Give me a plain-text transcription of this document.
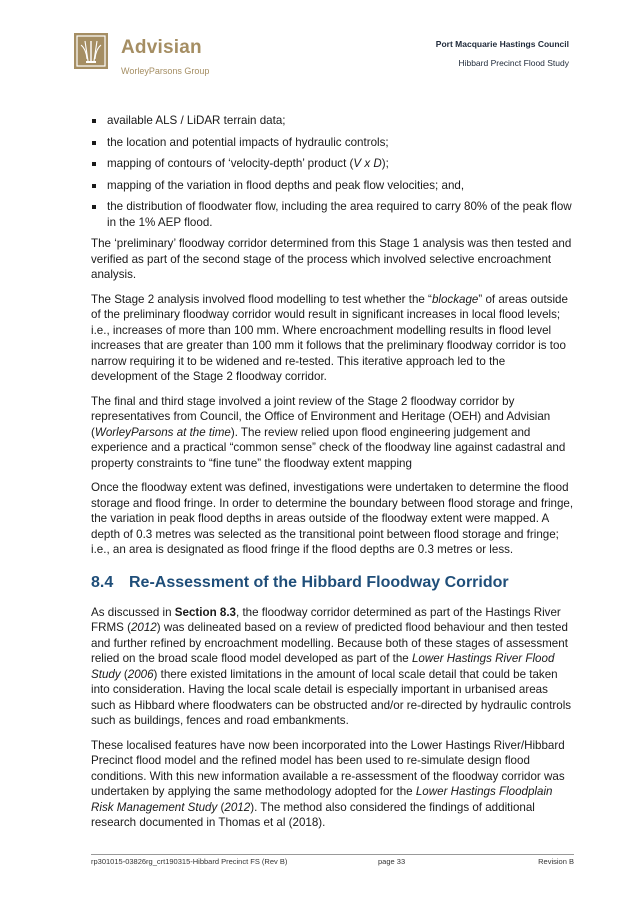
Advisian
WorleyParsons Group
Port Macquarie Hastings Council
Hibbard Precinct Flood Study
available ALS / LiDAR terrain data;
the location and potential impacts of hydraulic controls;
mapping of contours of ‘velocity-depth’ product (V x D);
mapping of the variation in flood depths and peak flow velocities; and,
the distribution of floodwater flow, including the area required to carry 80% of the peak flow in the 1% AEP flood.

The ‘preliminary’ floodway corridor determined from this Stage 1 analysis was then tested and verified as part of the second stage of the process which involved selective encroachment analysis.

The Stage 2 analysis involved flood modelling to test whether the “blockage” of areas outside of the preliminary floodway corridor would result in significant increases in local flood levels; i.e., increases of more than 100 mm. Where encroachment modelling results in flood level increases that are greater than 100 mm it follows that the preliminary floodway corridor is too narrow requiring it to be widened and re-tested. This iterative approach led to the development of the Stage 2 floodway corridor.

The final and third stage involved a joint review of the Stage 2 floodway corridor by representatives from Council, the Office of Environment and Heritage (OEH) and Advisian (WorleyParsons at the time). The review relied upon flood engineering judgement and experience and a practical “common sense” check of the floodway line against cadastral and property constraints to “fine tune” the floodway extent mapping

Once the floodway extent was defined, investigations were undertaken to determine the flood storage and flood fringe. In order to determine the boundary between flood storage and fringe, the variation in peak flood depths in areas outside of the floodway extent were mapped. A depth of 0.3 metres was selected as the transitional point between flood storage and fringe; i.e., an area is designated as flood fringe if the flood depths are 0.3 metres or less.

8.4 Re-Assessment of the Hibbard Floodway Corridor

As discussed in Section 8.3, the floodway corridor determined as part of the Hastings River FRMS (2012) was delineated based on a review of predicted flood behaviour and then tested and further refined by encroachment modelling. Because both of these stages of assessment relied on the broad scale flood model developed as part of the Lower Hastings River Flood Study (2006) there existed limitations in the amount of local scale detail that could be taken into consideration. Having the local scale detail is especially important in urbanised areas such as Hibbard where floodwaters can be obstructed and/or re-directed by hydraulic controls such as buildings, fences and road embankments.

These localised features have now been incorporated into the Lower Hastings River/Hibbard Precinct flood model and the refined model has been used to re-simulate design flood conditions. With this new information available a re-assessment of the floodway corridor was undertaken by applying the same methodology adopted for the Lower Hastings Floodplain Risk Management Study (2012). The method also considered the findings of additional research documented in Thomas et al (2018).

rp301015-03826rg_crt190315-Hibbard Precinct FS (Rev B)	page 33	Revision B
